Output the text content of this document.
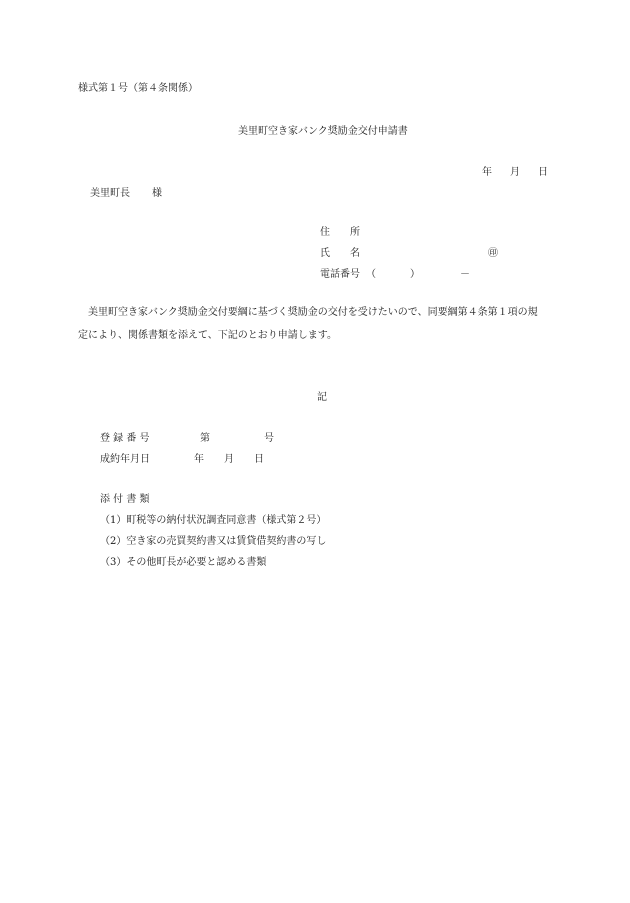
様式第１号（第４条関係）
美里町空き家バンク奨励金交付申請書
年 月 日
美里町長 様
住 所
氏 名	㊞
電話番号 （	）	－
　美里町空き家バンク奨励金交付要綱に基づく奨励金の交付を受けたいので、同要綱第４条第１項の規
定により、関係書類を添えて、下記のとおり申請します。
記
登 録 番 号	第	号
成約年月日	年 月 日
添 付 書 類
（1）町税等の納付状況調査同意書（様式第２号）
（2）空き家の売買契約書又は賃貸借契約書の写し
（3）その他町長が必要と認める書類
